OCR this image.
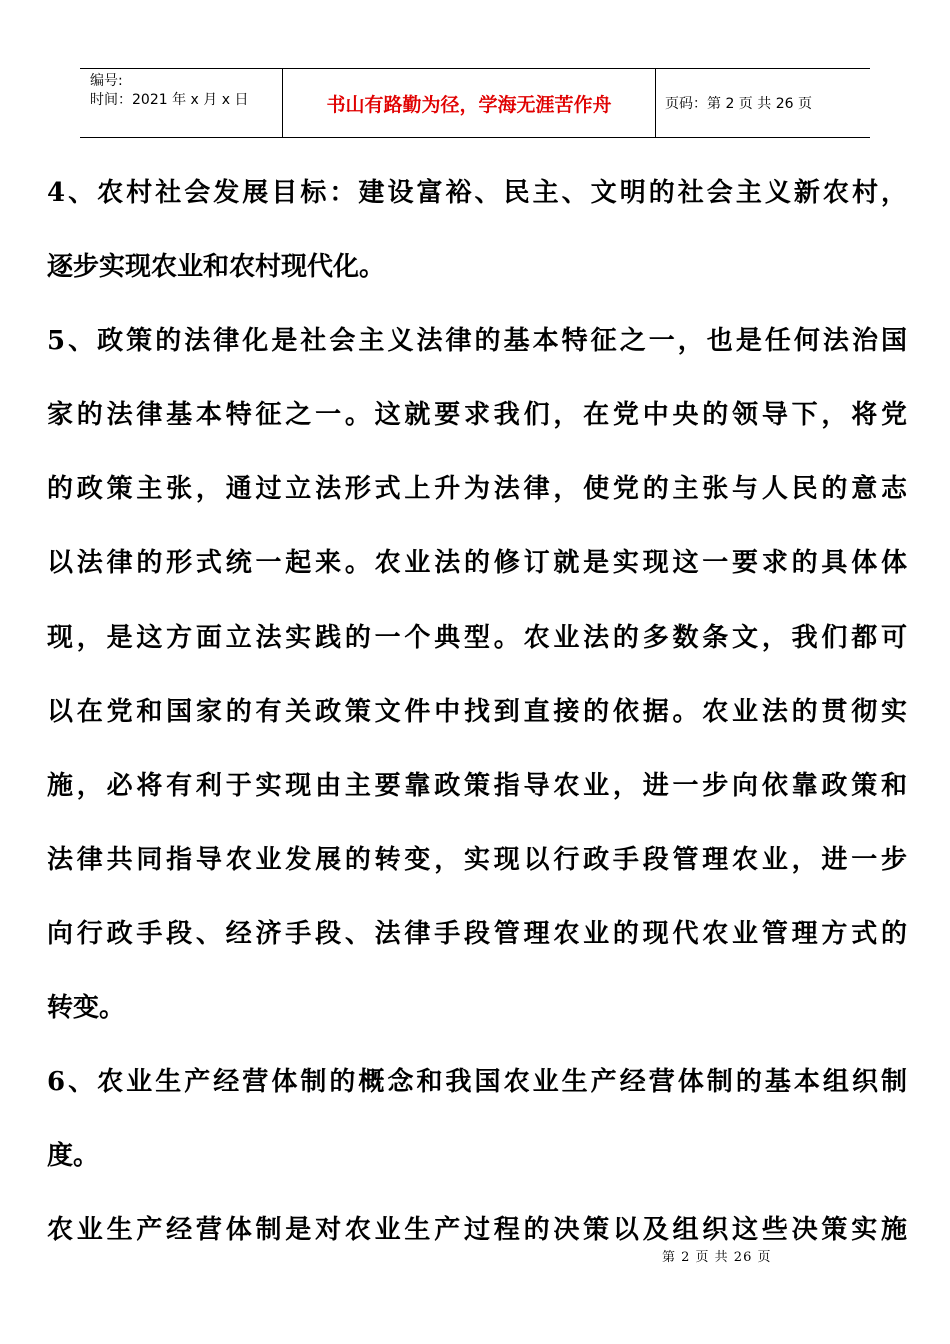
编号:
时间：2021 年 x 月 x 日	书山有路勤为径，学海无涯苦作舟	页码：第 2 页 共 26 页

4、农村社会发展目标：建设富裕、民主、文明的社会主义新农村，

逐步实现农业和农村现代化。

5、政策的法律化是社会主义法律的基本特征之一，也是任何法治国

家的法律基本特征之一。这就要求我们，在党中央的领导下，将党

的政策主张，通过立法形式上升为法律，使党的主张与人民的意志

以法律的形式统一起来。农业法的修订就是实现这一要求的具体体

现，是这方面立法实践的一个典型。农业法的多数条文，我们都可

以在党和国家的有关政策文件中找到直接的依据。农业法的贯彻实

施，必将有利于实现由主要靠政策指导农业，进一步向依靠政策和

法律共同指导农业发展的转变，实现以行政手段管理农业，进一步

向行政手段、经济手段、法律手段管理农业的现代农业管理方式的

转变。

6、农业生产经营体制的概念和我国农业生产经营体制的基本组织制

度。

农业生产经营体制是对农业生产过程的决策以及组织这些决策实施

第 2 页 共 26 页
